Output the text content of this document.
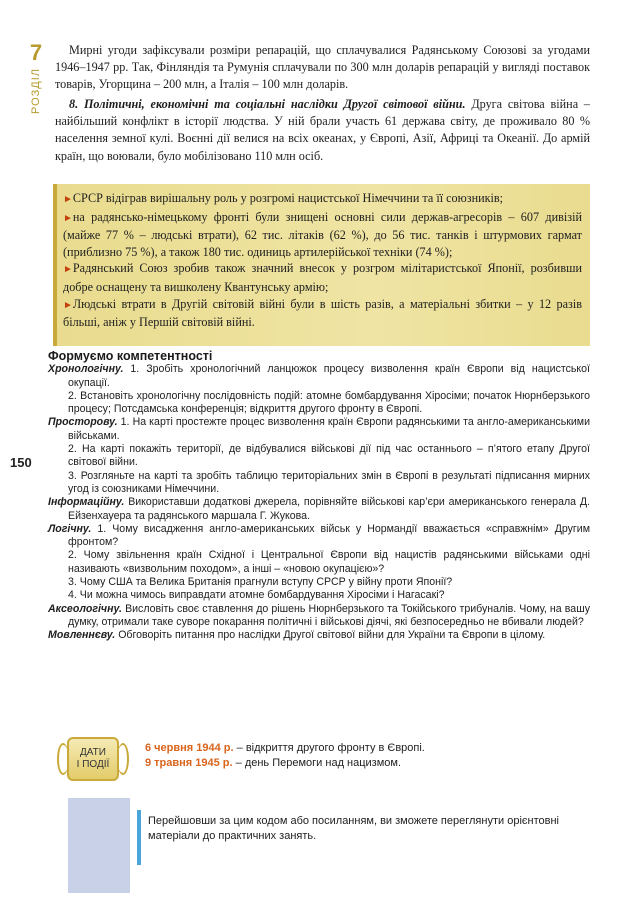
7
РОЗДІЛ
150

Мирні угоди зафіксували розміри репарацій, що сплачувалися Радянському Союзові за угодами 1946–1947 рр. Так, Фінляндія та Румунія сплачували по 300 млн доларів репарацій у вигляді поставок товарів, Угорщина – 200 млн, а Італія – 100 млн доларів.

8. Політичні, економічні та соціальні наслідки Другої світової війни. Друга світова війна – найбільший конфлікт в історії людства. У ній брали участь 61 держава світу, де проживало 80 % населення земної кулі. Воєнні дії велися на всіх океанах, у Європі, Азії, Африці та Океанії. До армій країн, що воювали, було мобілізовано 110 млн осіб.

►СРСР відіграв вирішальну роль у розгромі нацистської Німеччини та її союзників;

►на радянсько-німецькому фронті були знищені основні сили держав-агресорів – 607 дивізій (майже 77 % – людські втрати), 62 тис. літаків (62 %), до 56 тис. танків і штурмових гармат (приблизно 75 %), а також 180 тис. одиниць артилерійської техніки (74 %);

►Радянський Союз зробив також значний внесок у розгром мілітаристської Японії, розбивши добре оснащену та вишколену Квантунську армію;

►Людські втрати в Другій світовій війні були в шість разів, а матеріальні збитки – у 12 разів більші, аніж у Першій світовій війні.

Формуємо компетентності

Хронологічну. 1. Зробіть хронологічний ланцюжок процесу визволення країн Європи від нацистської окупації.

2. Встановіть хронологічну послідовність подій: атомне бомбардування Хіросіми; початок Нюрнберзького процесу; Потсдамська конференція; відкриття другого фронту в Європі.

Просторову. 1. На карті простежте процес визволення країн Європи радянськими та англо-американськими військами.

2. На карті покажіть території, де відбувалися військові дії під час останнього – п’ятого етапу Другої світової війни.

3. Розгляньте на карті та зробіть таблицю територіальних змін в Європі в результаті підписання мирних угод із союзниками Німеччини.

Інформаційну. Використавши додаткові джерела, порівняйте військові кар’єри американського генерала Д. Ейзенхауера та радянського маршала Г. Жукова.

Логічну. 1. Чому висадження англо-американських військ у Нормандії вважається «справжнім» Другим фронтом?

2. Чому звільнення країн Східної і Центральної Європи від нацистів радянськими військами одні називають «визвольним походом», а інші – «новою окупацією»?

3. Чому США та Велика Британія прагнули вступу СРСР у війну проти Японії?

4. Чи можна чимось виправдати атомне бомбардування Хіросіми і Нагасакі?

Аксеологічну. Висловіть своє ставлення до рішень Нюрнберзького та Токійського трибуналів. Чому, на вашу думку, отримали таке суворе покарання політичні і військові діячі, які безпосередньо не вбивали людей?

Мовленнєву. Обговоріть питання про наслідки Другої світової війни для України та Європи в цілому.

ДАТИ
І ПОДІЇ

6 червня 1944 р. – відкриття другого фронту в Європі.

9 травня 1945 р. – день Перемоги над нацизмом.

Перейшовши за цим кодом або посиланням, ви зможете переглянути орієнтовні матеріали до практичних занять.
